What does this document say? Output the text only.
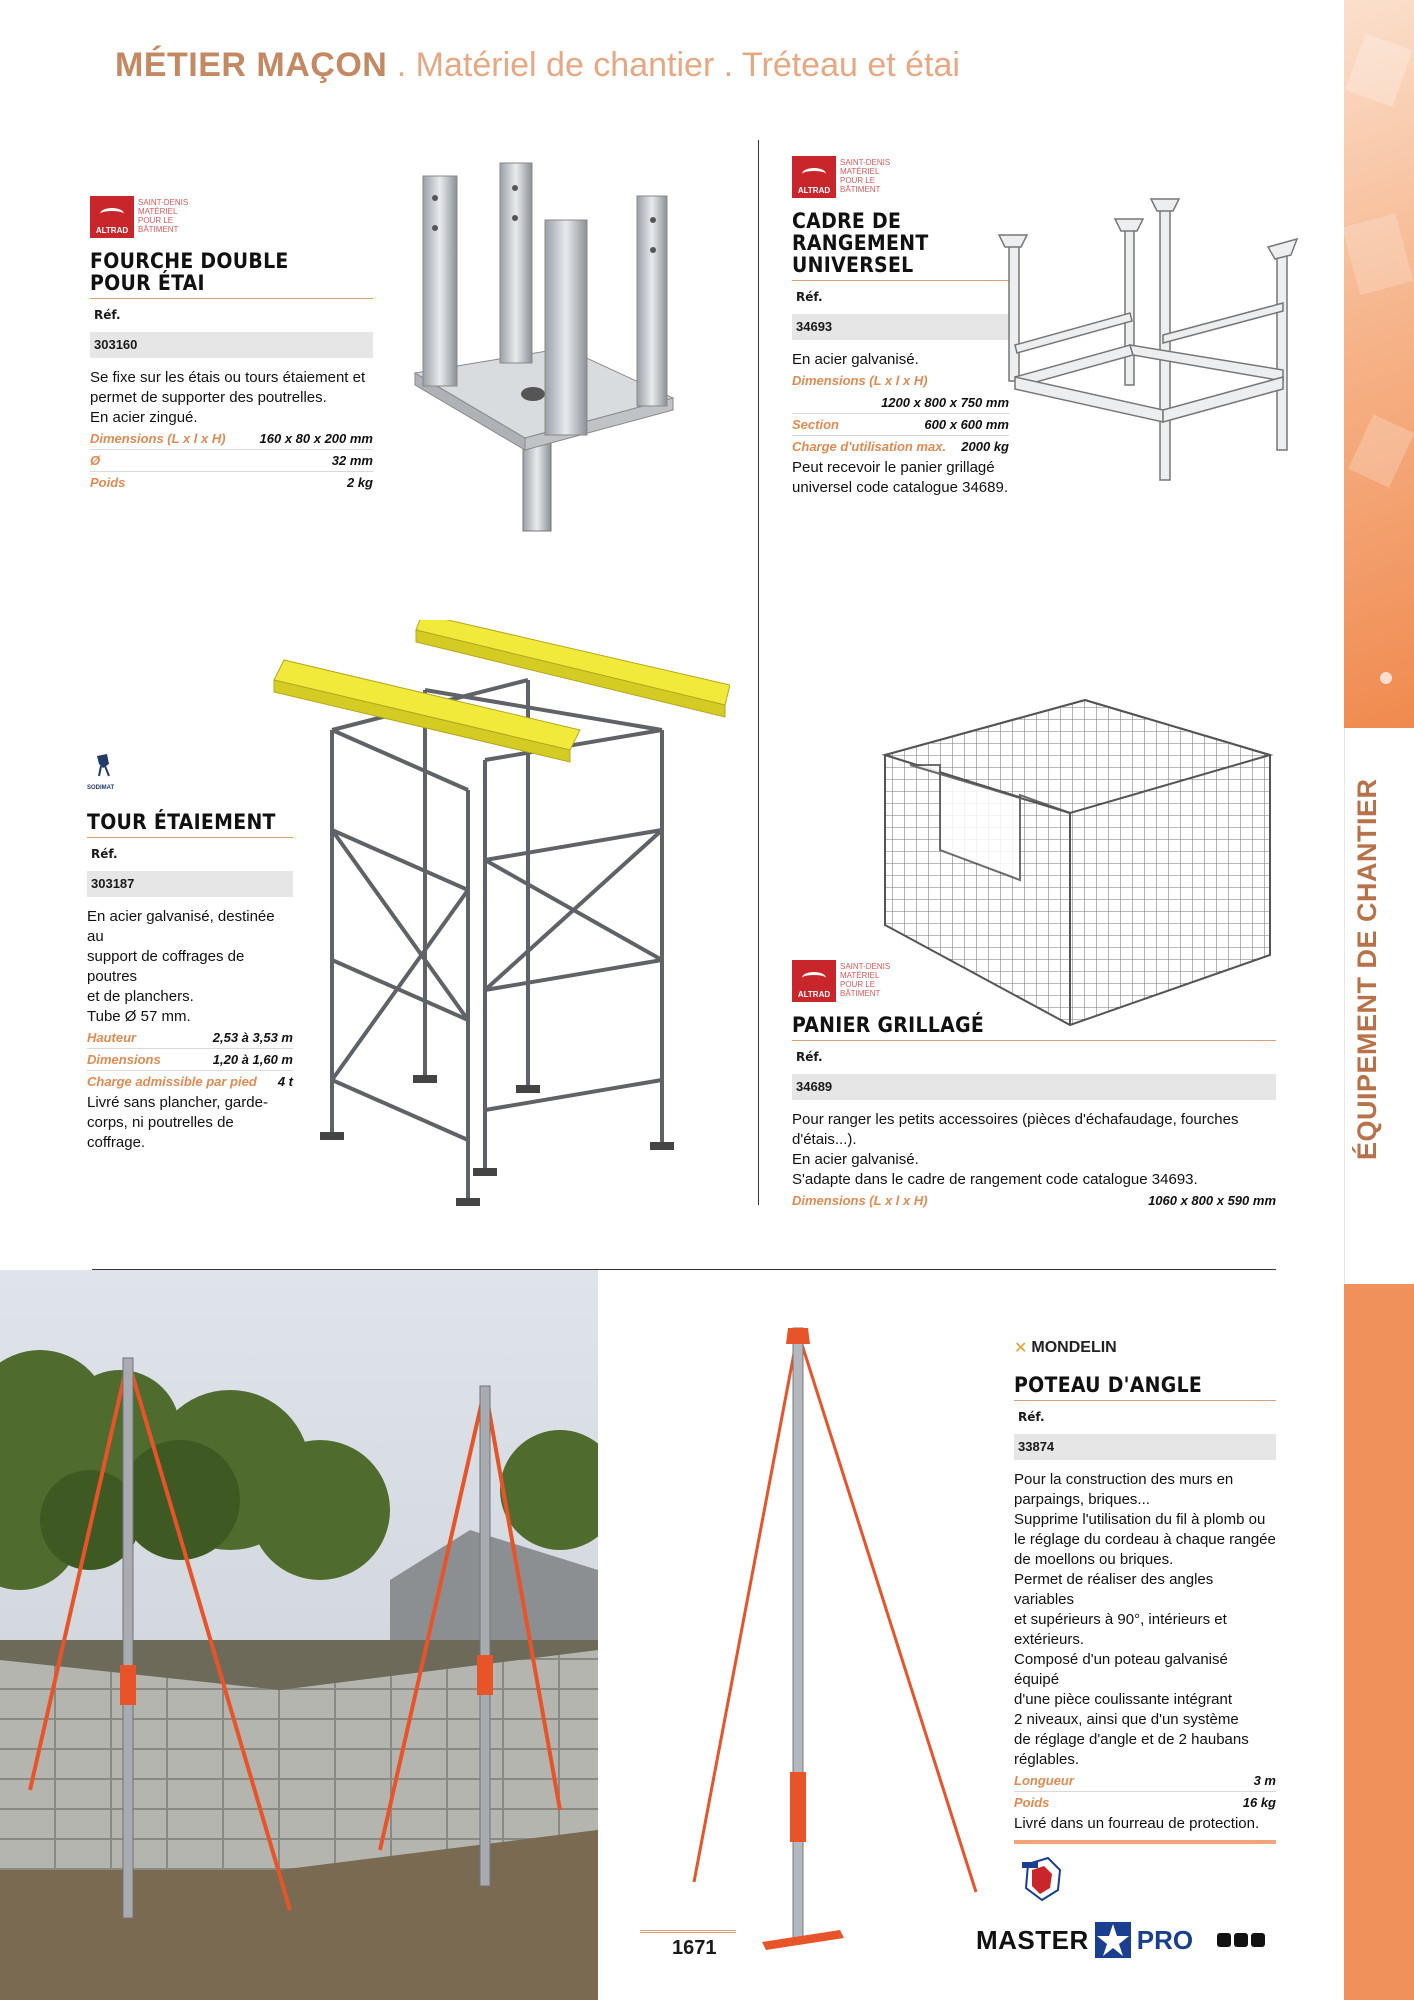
MÉTIER MAÇON . Matériel de chantier . Tréteau et étai
ÉQUIPEMENT DE CHANTIER
ALTRAD
SAINT-DENIS
MATÉRIEL
POUR LE
BÂTIMENT
FOURCHE DOUBLE
POUR ÉTAI
Réf.
303160
Se fixe sur les étais ou tours étaiement et
permet de supporter des poutrelles.
En acier zingué.
Dimensions (L x l x H)	160 x 80 x 200 mm
Ø	32 mm
Poids	2 kg
ALTRAD
SAINT-DENIS
MATÉRIEL
POUR LE
BÂTIMENT
CADRE DE RANGEMENT
UNIVERSEL
Réf.
34693
En acier galvanisé.
Dimensions (L x l x H)
1200 x 800 x 750 mm
Section	600 x 600 mm
Charge d'utilisation max. 2000 kg
Peut recevoir le panier grillagé
universel code catalogue 34689.
SODIMAT
TOUR ÉTAIEMENT
Réf.
303187
En acier galvanisé, destinée au
support de coffrages de poutres
et de planchers.
Tube Ø 57 mm.
Hauteur	2,53 à 3,53 m
Dimensions	1,20 à 1,60 m
Charge admissible par pied 4 t
Livré sans plancher, garde-
corps, ni poutrelles de coffrage.
ALTRAD
SAINT-DENIS
MATÉRIEL
POUR LE
BÂTIMENT
PANIER GRILLAGÉ
Réf.
34689
Pour ranger les petits accessoires (pièces d'échafaudage, fourches d'étais...).
En acier galvanisé.
S'adapte dans le cadre de rangement code catalogue 34693.
Dimensions (L x l x H)	1060 x 800 x 590 mm
✕ MONDELIN
POTEAU D'ANGLE
Réf.
33874
Pour la construction des murs en
parpaings, briques...
Supprime l'utilisation du fil à plomb ou
le réglage du cordeau à chaque rangée
de moellons ou briques.
Permet de réaliser des angles variables
et supérieurs à 90°, intérieurs et
extérieurs.
Composé d'un poteau galvanisé équipé
d'une pièce coulissante intégrant
2 niveaux, ainsi que d'un système
de réglage d'angle et de 2 haubans
réglables.
Longueur	3 m
Poids	16 kg
Livré dans un fourreau de protection.
1671	MASTER PRO
